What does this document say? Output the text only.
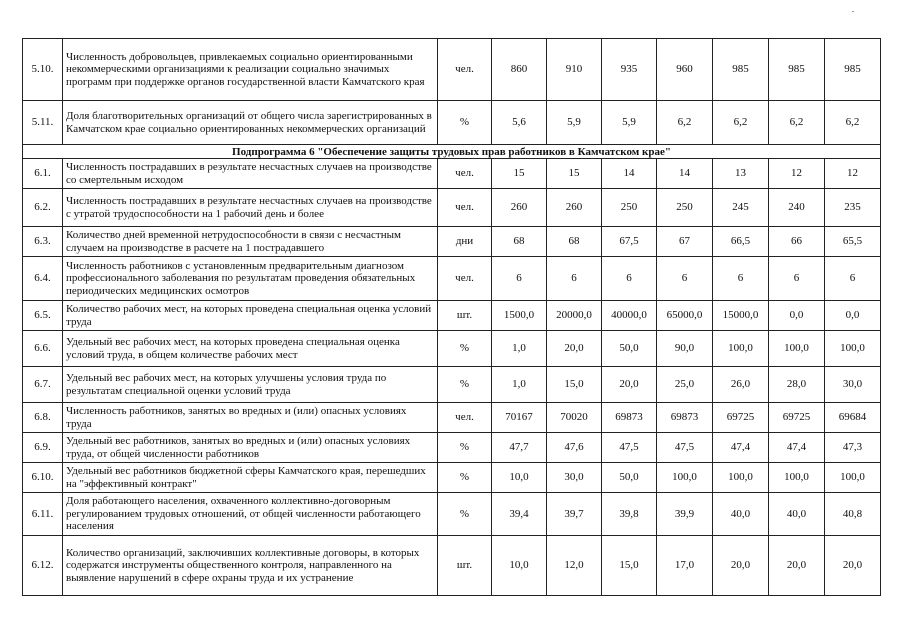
5.10.	Численность добровольцев, привлекаемых социально ориентированными некоммерческими организациями к реализации социально значимых программ при поддержке органов государственной власти Камчатского края	чел.	860	910	935	960	985	985	985
5.11.	Доля благотворительных организаций от общего числа зарегистрированных в Камчатском крае социально ориентированных некоммерческих организаций	%	5,6	5,9	5,9	6,2	6,2	6,2	6,2
Подпрограмма 6 "Обеспечение защиты трудовых прав работников в Камчатском крае"									
6.1.	Численность пострадавших в результате несчастных случаев на производстве со смертельным исходом	чел.	15	15	14	14	13	12	12
6.2.	Численность пострадавших в результате несчастных случаев на производстве с утратой трудоспособности на 1 рабочий день и более	чел.	260	260	250	250	245	240	235
6.3.	Количество дней временной нетрудоспособности в связи с несчастным случаем на производстве в расчете на 1 пострадавшего	дни	68	68	67,5	67	66,5	66	65,5
6.4.	Численность работников с установленным предварительным диагнозом профессионального заболевания по результатам проведения обязательных периодических медицинских осмотров	чел.	6	6	6	6	6	6	6
6.5.	Количество рабочих мест, на которых проведена специальная оценка условий труда	шт.	1500,0	20000,0	40000,0	65000,0	15000,0	0,0	0,0
6.6.	Удельный вес рабочих мест, на которых проведена специальная оценка условий труда, в общем количестве рабочих мест	%	1,0	20,0	50,0	90,0	100,0	100,0	100,0
6.7.	Удельный вес рабочих мест, на которых улучшены условия труда по результатам специальной оценки условий труда	%	1,0	15,0	20,0	25,0	26,0	28,0	30,0
6.8.	Численность работников, занятых во вредных и (или) опасных условиях труда	чел.	70167	70020	69873	69873	69725	69725	69684
6.9.	Удельный вес работников, занятых во вредных и (или) опасных условиях труда, от общей численности работников	%	47,7	47,6	47,5	47,5	47,4	47,4	47,3
6.10.	Удельный вес работников бюджетной сферы Камчатского края, перешедших на "эффективный контракт"	%	10,0	30,0	50,0	100,0	100,0	100,0	100,0
6.11.	Доля работающего населения, охваченного коллективно-договорным регулированием трудовых отношений, от общей численности работающего населения	%	39,4	39,7	39,8	39,9	40,0	40,0	40,8
6.12.	Количество организаций, заключивших коллективные договоры, в которых содержатся инструменты общественного контроля, направленного на выявление нарушений в сфере охраны труда и их устранение	шт.	10,0	12,0	15,0	17,0	20,0	20,0	20,0
